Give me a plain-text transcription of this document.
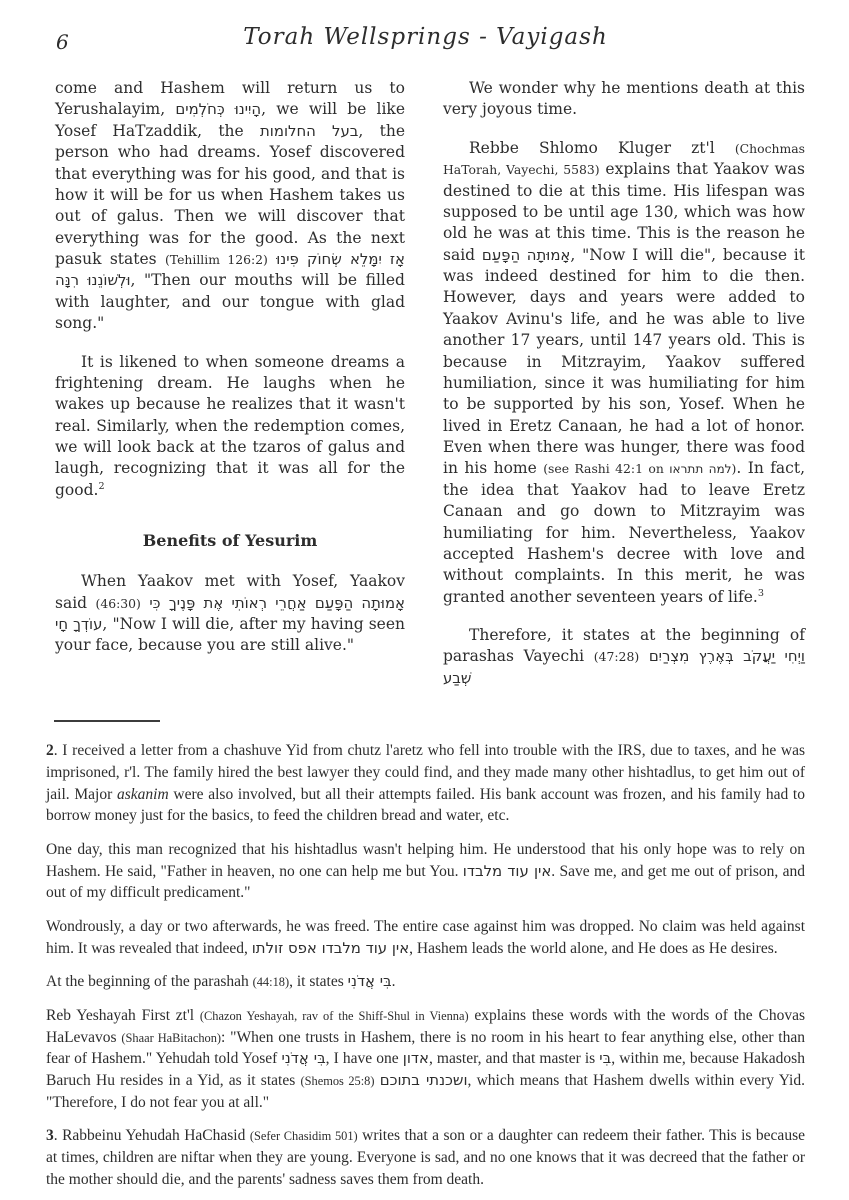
6	Torah Wellsprings - Vayigash

come and Hashem will return us to Yerushalayim, הָיִינוּ כְּחֹלְמִים, we will be like Yosef HaTzaddik, the בעל החלומות, the person who had dreams. Yosef discovered that everything was for his good, and that is how it will be for us when Hashem takes us out of galus. Then we will discover that everything was for the good. As the next pasuk states (Tehillim 126:2) אָז יִמָּלֵא שְׂחוֹק פִּינוּ וּלְשׁוֹנֵנוּ רִנָּה, "Then our mouths will be filled with laughter, and our tongue with glad song."

It is likened to when someone dreams a frightening dream. He laughs when he wakes up because he realizes that it wasn't real. Similarly, when the redemption comes, we will look back at the tzaros of galus and laugh, recognizing that it was all for the good.$^2$

Benefits of Yesurim

When Yaakov met with Yosef, Yaakov said (46:30) אָמוּתָה הַפָּעַם אַחֲרֵי רְאוֹתִי אֶת פָּנֶיךָ כִּי עוֹדְךָ חָי, "Now I will die, after my having seen your face, because you are still alive."

We wonder why he mentions death at this very joyous time.

Rebbe Shlomo Kluger zt'l (Chochmas HaTorah, Vayechi, 5583) explains that Yaakov was destined to die at this time. His lifespan was supposed to be until age 130, which was how old he was at this time. This is the reason he said אָמוּתָה הַפָּעַם, "Now I will die", because it was indeed destined for him to die then. However, days and years were added to Yaakov Avinu's life, and he was able to live another 17 years, until 147 years old. This is because in Mitzrayim, Yaakov suffered humiliation, since it was humiliating for him to be supported by his son, Yosef. When he lived in Eretz Canaan, he had a lot of honor. Even when there was hunger, there was food in his home (see Rashi 42:1 on למה תתראו). In fact, the idea that Yaakov had to leave Eretz Canaan and go down to Mitzrayim was humiliating for him. Nevertheless, Yaakov accepted Hashem's decree with love and without complaints. In this merit, he was granted another seventeen years of life.$^3$

Therefore, it states at the beginning of parashas Vayechi (47:28) וַיְחִי יַעֲקֹב בְּאֶרֶץ מִצְרַיִם שְׁבַע

2. I received a letter from a chashuve Yid from chutz l'aretz who fell into trouble with the IRS, due to taxes, and he was imprisoned, r'l. The family hired the best lawyer they could find, and they made many other hishtadlus, to get him out of jail. Major askanim were also involved, but all their attempts failed. His bank account was frozen, and his family had to borrow money just for the basics, to feed the children bread and water, etc.

One day, this man recognized that his hishtadlus wasn't helping him. He understood that his only hope was to rely on Hashem. He said, "Father in heaven, no one can help me but You. אין עוד מלבדו. Save me, and get me out of prison, and out of my difficult predicament."

Wondrously, a day or two afterwards, he was freed. The entire case against him was dropped. No claim was held against him. It was revealed that indeed, אין עוד מלבדו אפס זולתו, Hashem leads the world alone, and He does as He desires.

At the beginning of the parashah (44:18), it states בִּי אֲדֹנִי.

Reb Yeshayah First zt'l (Chazon Yeshayah, rav of the Shiff-Shul in Vienna) explains these words with the words of the Chovas HaLevavos (Shaar HaBitachon): "When one trusts in Hashem, there is no room in his heart to fear anything else, other than fear of Hashem." Yehudah told Yosef בִּי אֲדֹנִי, I have one אדון, master, and that master is בִּי, within me, because Hakadosh Baruch Hu resides in a Yid, as it states (Shemos 25:8) ושכנתי בתוכם, which means that Hashem dwells within every Yid. "Therefore, I do not fear you at all."

3. Rabbeinu Yehudah HaChasid (Sefer Chasidim 501) writes that a son or a daughter can redeem their father. This is because at times, children are niftar when they are young. Everyone is sad, and no one knows that it was decreed that the father or the mother should die, and the parents' sadness saves them from death.
